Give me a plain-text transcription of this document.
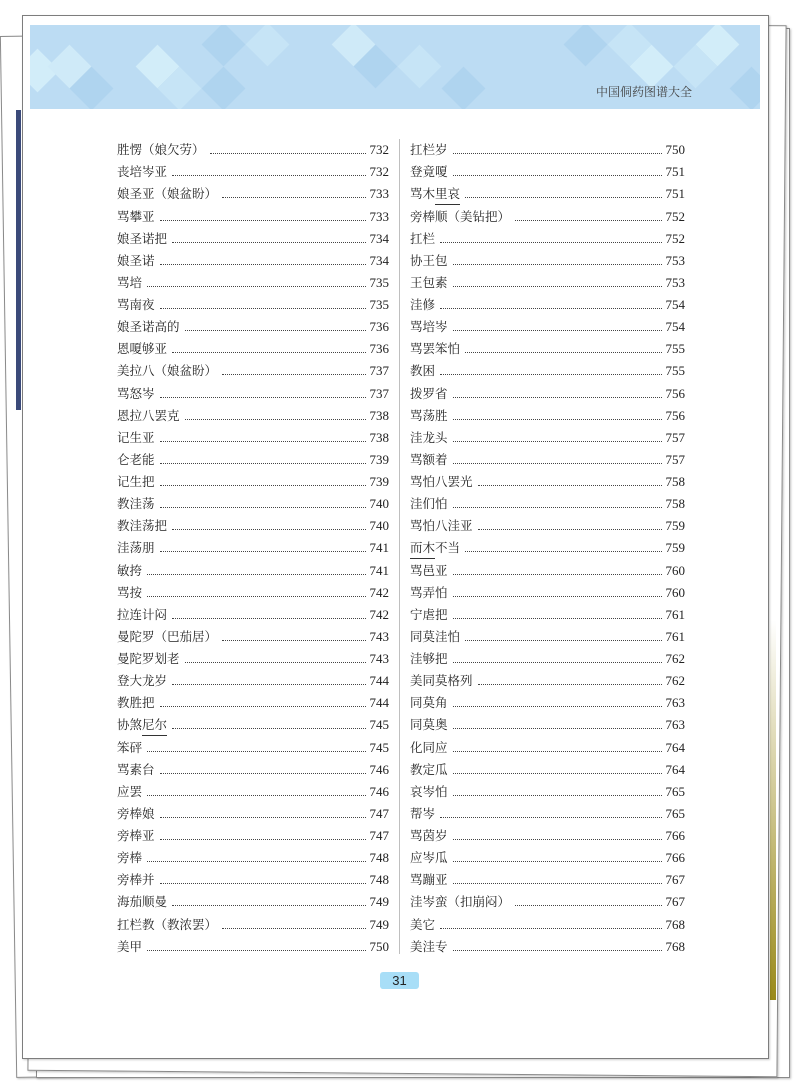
中国侗药图谱大全
胜愣（娘欠劳）	732
丧培岑亚	732
娘圣亚（娘盆盼）	733
骂攀亚	733
娘圣诺把	734
娘圣诺	734
骂培	735
骂南夜	735
娘圣诺高的	736
恩嗄够亚	736
美拉八（娘盆盼）	737
骂怒岑	737
恩拉八罢克	738
记生亚	738
仑老能	739
记生把	739
教洼荡	740
教洼荡把	740
洼荡朋	741
敏挎	741
骂按	742
拉连计闷	742
曼陀罗（巴茄居）	743
曼陀罗划老	743
登大龙岁	744
教胜把	744
协煞尼尔	745
笨砰	745
骂素台	746
应罢	746
旁棒娘	747
旁棒亚	747
旁棒	748
旁棒并	748
海茄顺曼	749
扛栏教（教浓罢）	749
美甲	750
扛栏岁	750
登竟嗄	751
骂木里哀	751
旁棒顺（美钻把）	752
扛栏	752
协王包	753
王包素	753
洼修	754
骂培岑	754
骂罢笨怕	755
教困	755
拨罗省	756
骂荡胜	756
洼龙头	757
骂额着	757
骂怕八罢光	758
洼们怕	758
骂怕八洼亚	759
而木不当	759
骂邑亚	760
骂弄怕	760
宁虐把	761
同莫洼怕	761
洼够把	762
美同莫格列	762
同莫角	763
同莫奥	763
化同应	764
教定瓜	764
哀岑怕	765
帮岑	765
骂茵岁	766
应岑瓜	766
骂蹦亚	767
洼岑蛮（扣崩闷）	767
美它	768
美洼专	768
31
